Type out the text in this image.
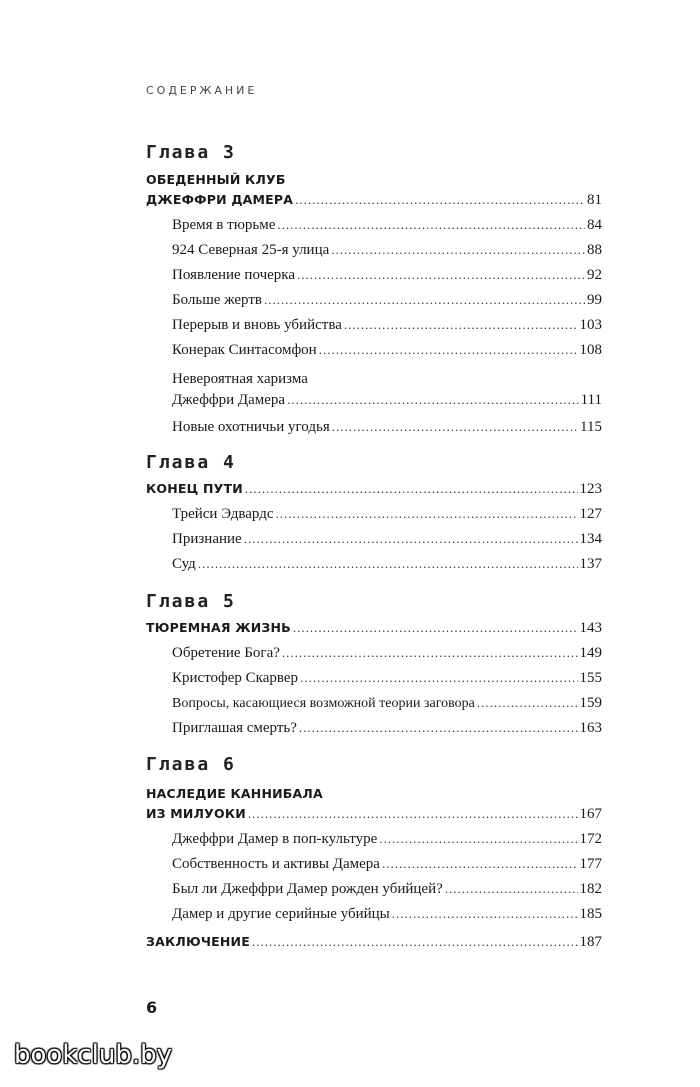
СОДЕРЖАНИЕ
Глава 3
ОБЕДЕННЫЙ КЛУБ
ДЖЕФФРИ ДАМЕРА .....	81
Время в тюрьме .....	84
924 Северная 25-я улица .....	88
Появление почерка .....	92
Больше жертв .....	99
Перерыв и вновь убийства .....	103
Конерак Синтасомфон .....	108
Невероятная харизма
Джеффри Дамера .....	111
Новые охотничьи угодья .....	115
Глава 4
КОНЕЦ ПУТИ .....	123
Трейси Эдвардс .....	127
Признание .....	134
Суд .....	137
Глава 5
ТЮРЕМНАЯ ЖИЗНЬ .....	143
Обретение Бога? .....	149
Кристофер Скарвер .....	155
Вопросы, касающиеся возможной теории заговора .....	159
Приглашая смерть? .....	163
Глава 6
НАСЛЕДИЕ КАННИБАЛА
ИЗ МИЛУОКИ .....	167
Джеффри Дамер в поп-культуре .....	172
Собственность и активы Дамера .....	177
Был ли Джеффри Дамер рожден убийцей? .....	182
Дамер и другие серийные убийцы .....	185
ЗАКЛЮЧЕНИЕ .....	187
6
bookclub.by
